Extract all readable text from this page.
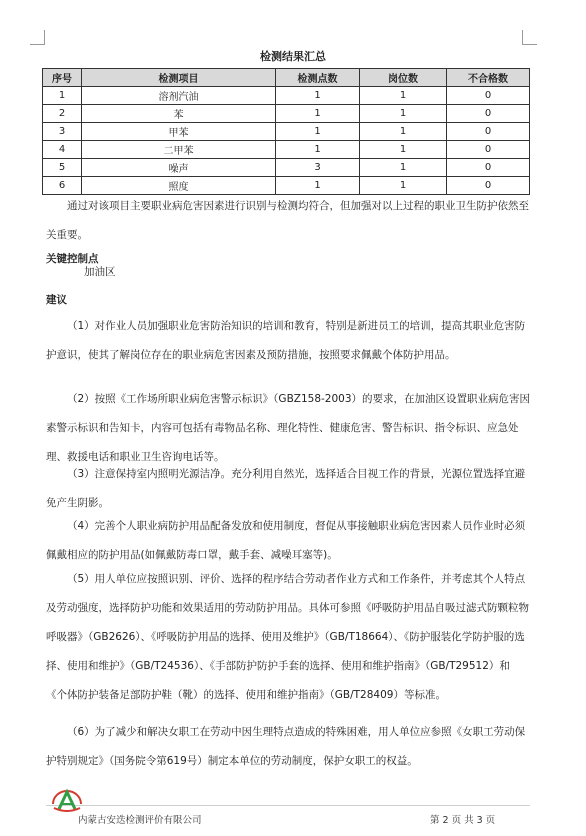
检测结果汇总
序号	检测项目	检测点数	岗位数	不合格数
1	溶剂汽油	1	1	0
2	苯	1	1	0
3	甲苯	1	1	0
4	二甲苯	1	1	0
5	噪声	3	1	0
6	照度	1	1	0

通过对该项目主要职业病危害因素进行识别与检测均符合，但加强对以上过程的职业卫生防护依然至关重要。

关键控制点
加油区
建议

（1）对作业人员加强职业危害防治知识的培训和教育，特别是新进员工的培训，提高其职业危害防护意识，使其了解岗位存在的职业病危害因素及预防措施，按照要求佩戴个体防护用品。

（2）按照《工作场所职业病危害警示标识》（GBZ158-2003）的要求，在加油区设置职业病危害因素警示标识和告知卡，内容可包括有毒物品名称、理化特性、健康危害、警告标识、指令标识、应急处理、救援电话和职业卫生咨询电话等。

（3）注意保持室内照明光源洁净。充分利用自然光，选择适合目视工作的背景，光源位置选择宜避免产生阴影。

（4）完善个人职业病防护用品配备发放和使用制度，督促从事接触职业病危害因素人员作业时必须佩戴相应的防护用品(如佩戴防毒口罩，戴手套、减噪耳塞等)。

（5）用人单位应按照识别、评价、选择的程序结合劳动者作业方式和工作条件，并考虑其个人特点及劳动强度，选择防护功能和效果适用的劳动防护用品。具体可参照《呼吸防护用品自吸过滤式防颗粒物呼吸器》（GB2626）、《呼吸防护用品的选择、使用及维护》（GB/T18664）、《防护服装化学防护服的选择、使用和维护》（GB/T24536）、《手部防护防护手套的选择、使用和维护指南》（GB/T29512）和《个体防护装备足部防护鞋（靴）的选择、使用和维护指南》（GB/T28409）等标准。

（6）为了减少和解决女职工在劳动中因生理特点造成的特殊困难，用人单位应参照《女职工劳动保护特别规定》（国务院令第619号）制定本单位的劳动制度，保护女职工的权益。

内蒙古安迭检测评价有限公司	第 2 页 共 3 页
